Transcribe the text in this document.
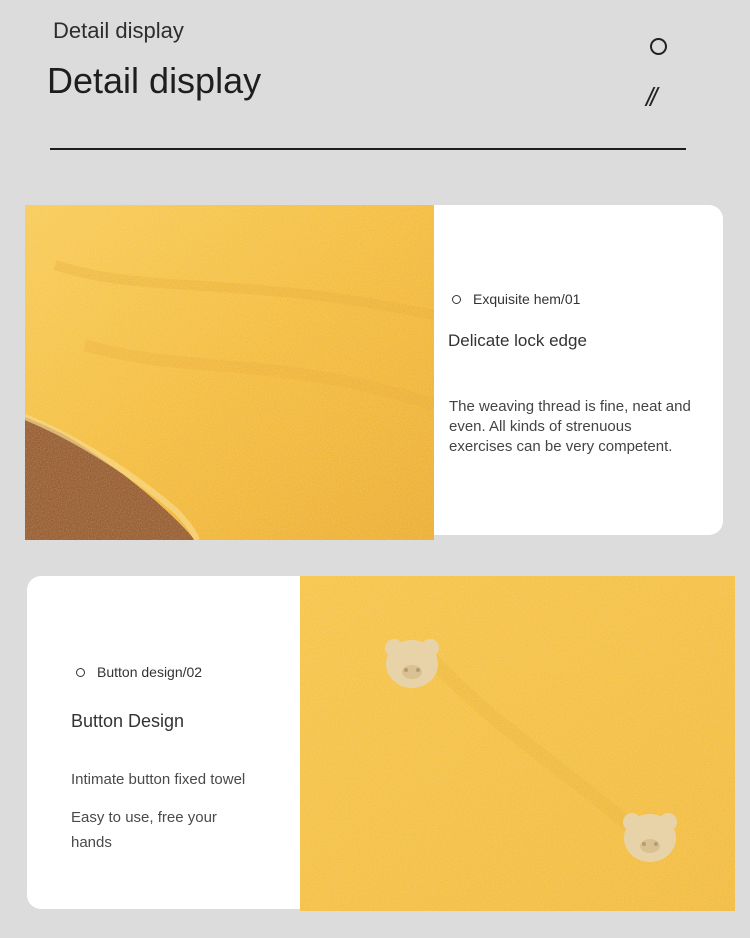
Detail display
Detail display	//
Exquisite hem/01
Delicate lock edge
The weaving thread is fine, neat and even. All kinds of strenuous exercises can be very competent.
Button design/02
Button Design
Intimate button fixed towel
Easy to use, free your hands
